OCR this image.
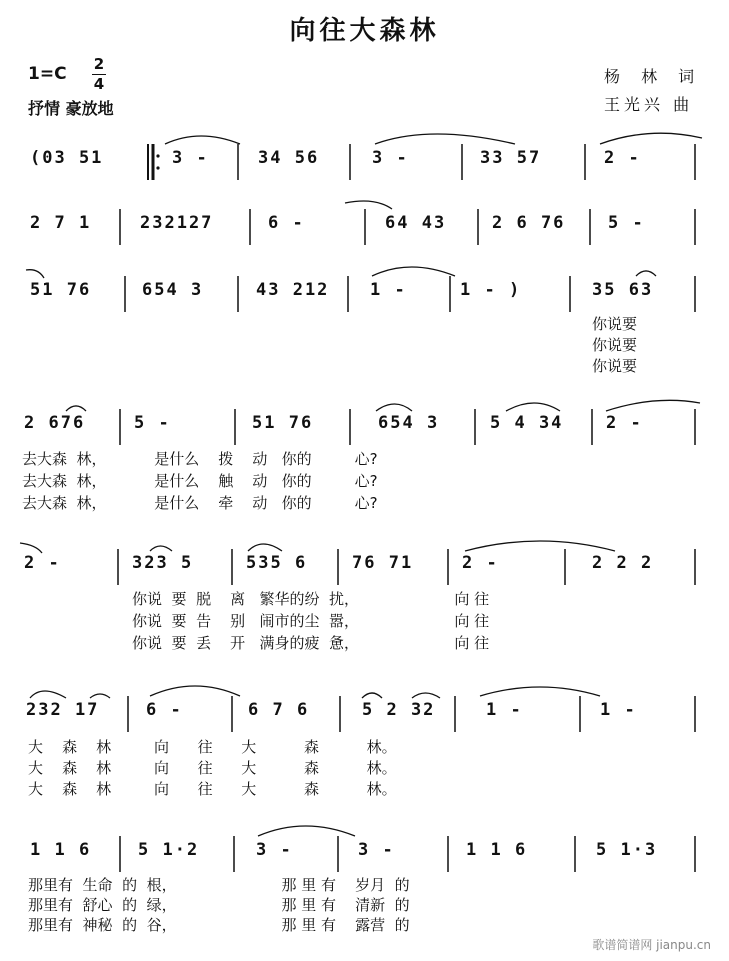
向往大森林
1=C 2
4
抒情 豪放地
杨 林 词
王光兴 曲
(03 51	3 -	34 56	3 -	33 57	2 -
2 7 1	232127	6 -	64 43	2 6 76	5 -
51 76	654 3	43 212 1 -	1 - )	35 63
你说要
你说要
你说要
2 676	5 -	51 76	654 3	5 4 34	2 -
去大森  林，          是什么    拨    动   你的         心?
去大森  林，          是什么    触    动   你的         心?
去大森  林，          是什么    牵    动   你的         心?
2 -	323 5	535 6	76 71	2 -	2 2 2
你说  要  脱    离   繁华的纷  扰，                    向 往
你说  要  告    别   闹市的尘  嚣，                    向 往
你说  要  丢    开   满身的疲  惫，                    向 往
232 17	6 -	6 7 6	5 2 32	1 -	1 -
大    森    林         向      往      大          森          林。
大    森    林         向      往      大          森          林。
大    森    林         向      往      大          森          林。
1 1 6	5 1·2	3 -	3 -	1 1 6	5 1·3
那里有  生命  的  根，                      那 里 有    岁月  的
那里有  舒心  的  绿，                      那 里 有    清新  的
那里有  神秘  的  谷，                      那 里 有    露营  的
歌谱简谱网 jianpu.cn
